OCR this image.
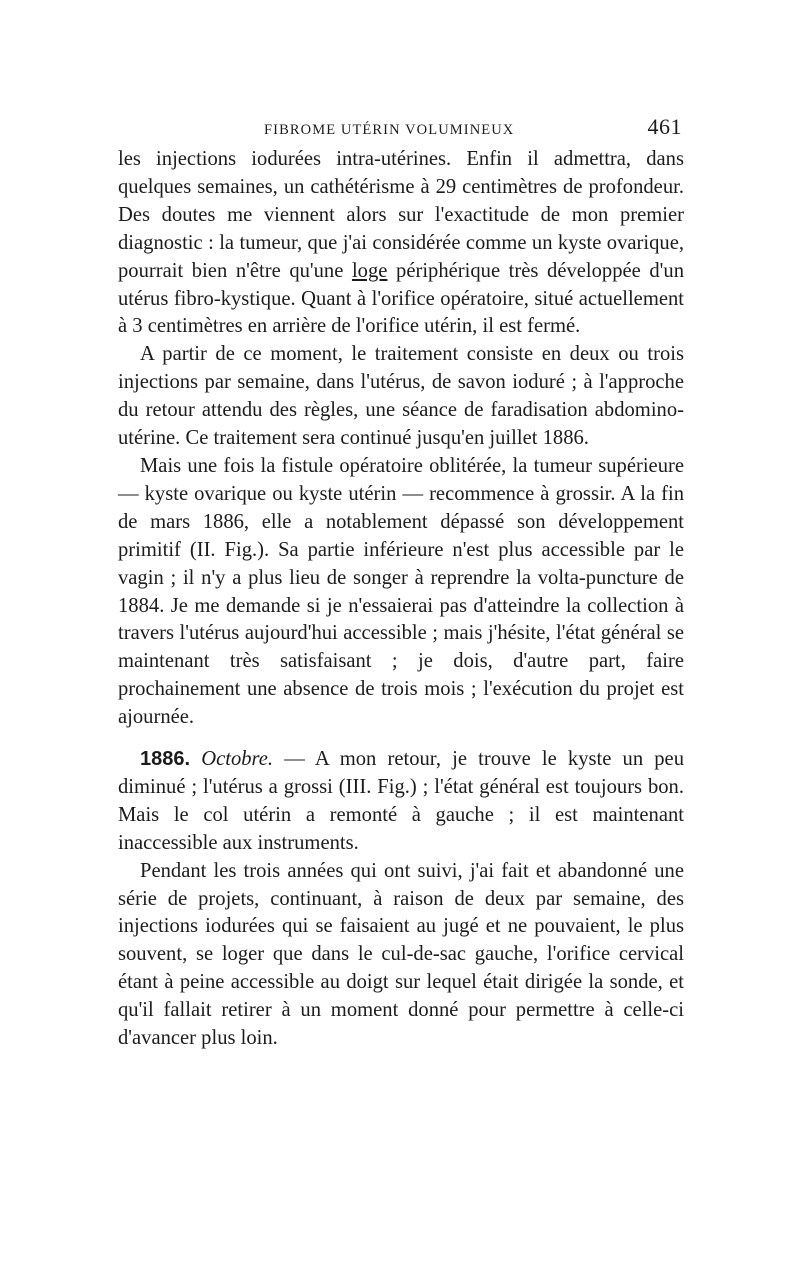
FIBROME UTÉRIN VOLUMINEUX	461

les injections iodurées intra-utérines. Enfin il admettra, dans quelques semaines, un cathétérisme à 29 centimètres de profondeur. Des doutes me viennent alors sur l'exactitude de mon premier diagnostic : la tumeur, que j'ai considérée comme un kyste ovarique, pourrait bien n'être qu'une loge périphérique très développée d'un utérus fibro-kystique. Quant à l'orifice opératoire, situé actuellement à 3 centimètres en arrière de l'orifice utérin, il est fermé.

A partir de ce moment, le traitement consiste en deux ou trois injections par semaine, dans l'utérus, de savon ioduré ; à l'approche du retour attendu des règles, une séance de faradisation abdomino-utérine. Ce traitement sera continué jusqu'en juillet 1886.

Mais une fois la fistule opératoire oblitérée, la tumeur supérieure — kyste ovarique ou kyste utérin — recommence à grossir. A la fin de mars 1886, elle a notablement dépassé son développement primitif (II. Fig.). Sa partie inférieure n'est plus accessible par le vagin ; il n'y a plus lieu de songer à reprendre la volta-puncture de 1884. Je me demande si je n'essaierai pas d'atteindre la collection à travers l'utérus aujourd'hui accessible ; mais j'hésite, l'état général se maintenant très satisfaisant ; je dois, d'autre part, faire prochainement une absence de trois mois ; l'exécution du projet est ajournée.

1886. Octobre. — A mon retour, je trouve le kyste un peu diminué ; l'utérus a grossi (III. Fig.) ; l'état général est toujours bon. Mais le col utérin a remonté à gauche ; il est maintenant inaccessible aux instruments.

Pendant les trois années qui ont suivi, j'ai fait et abandonné une série de projets, continuant, à raison de deux par semaine, des injections iodurées qui se faisaient au jugé et ne pouvaient, le plus souvent, se loger que dans le cul-de-sac gauche, l'orifice cervical étant à peine accessible au doigt sur lequel était dirigée la sonde, et qu'il fallait retirer à un moment donné pour permettre à celle-ci d'avancer plus loin.
